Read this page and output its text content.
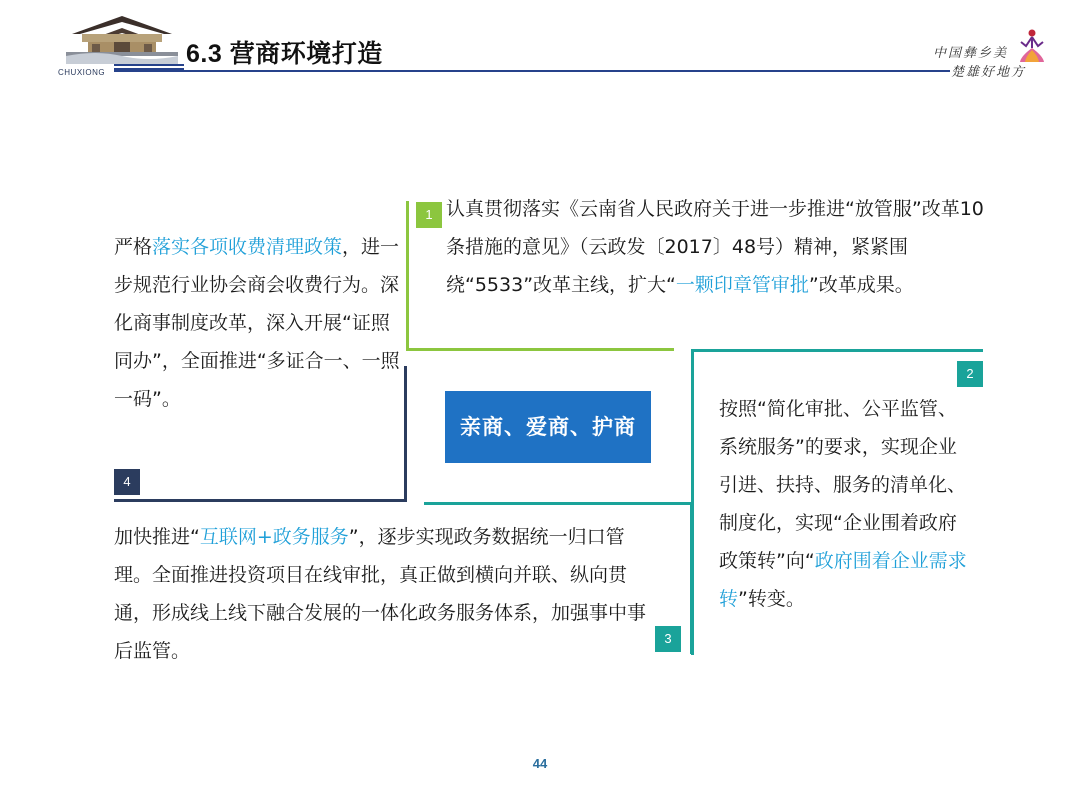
CHUXIONG
6.3 营商环境打造	中国彝乡美
楚雄好地方
1
2
3
4
认真贯彻落实《云南省人民政府关于进一步推进“放管服”改革10条措施的意见》（云政发〔2017〕48号）精神，紧紧围绕“5533”改革主线，扩大“一颗印章管审批”改革成果。
按照“简化审批、公平监管、系统服务”的要求，实现企业引进、扶持、服务的清单化、制度化，实现“企业围着政府政策转”向“政府围着企业需求转”转变。
加快推进“互联网+政务服务”，逐步实现政务数据统一归口管理。全面推进投资项目在线审批，真正做到横向并联、纵向贯通，形成线上线下融合发展的一体化政务服务体系，加强事中事后监管。
严格落实各项收费清理政策，进一步规范行业协会商会收费行为。深化商事制度改革，深入开展“证照同办”，全面推进“多证合一、一照一码”。
亲商、爱商、护商
44
